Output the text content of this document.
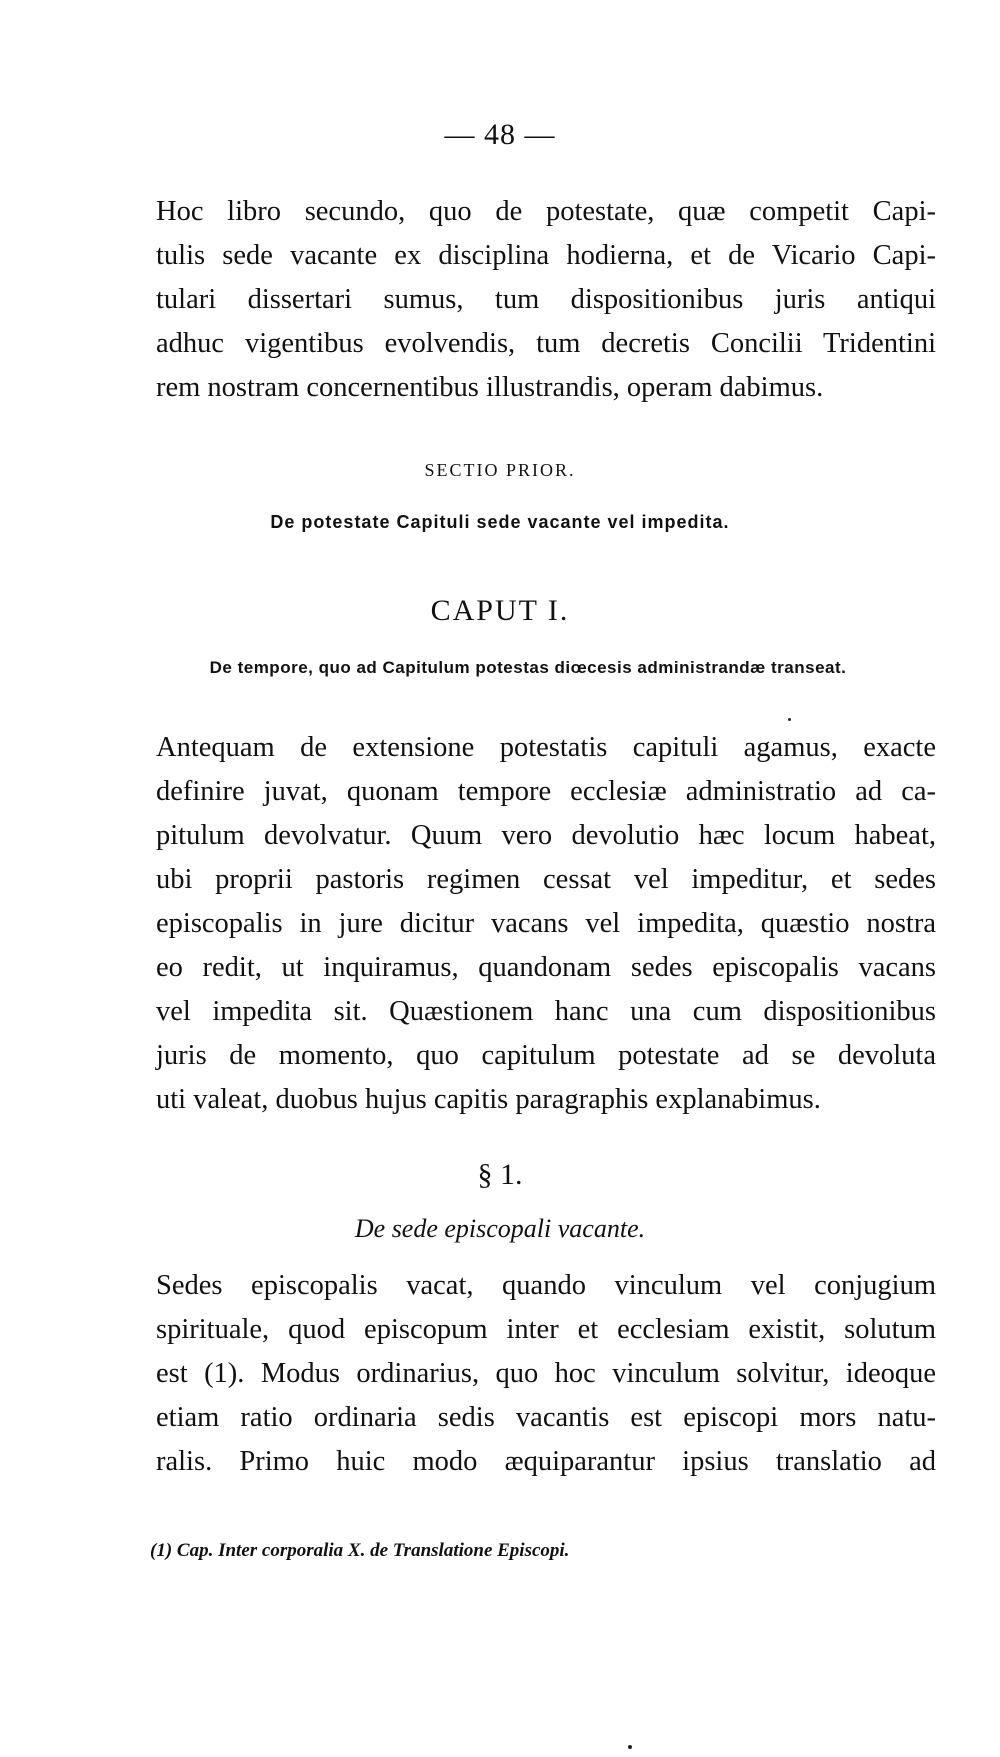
— 48 —

Hoc libro secundo, quo de potestate, quæ competit Capi-
tulis sede vacante ex disciplina hodierna, et de Vicario Capi-
tulari dissertari sumus, tum dispositionibus juris antiqui
adhuc vigentibus evolvendis, tum decretis Concilii Tridentini
rem nostram concernentibus illustrandis, operam dabimus.

SECTIO PRIOR.
De potestate Capituli sede vacante vel impedita.
CAPUT I.
De tempore, quo ad Capitulum potestas diœcesis administrandæ transeat.

Antequam de extensione potestatis capituli agamus, exacte
definire juvat, quonam tempore ecclesiæ administratio ad ca-
pitulum devolvatur. Quum vero devolutio hæc locum habeat,
ubi proprii pastoris regimen cessat vel impeditur, et sedes
episcopalis in jure dicitur vacans vel impedita, quæstio nostra
eo redit, ut inquiramus, quandonam sedes episcopalis vacans
vel impedita sit. Quæstionem hanc una cum dispositionibus
juris de momento, quo capitulum potestate ad se devoluta
uti valeat, duobus hujus capitis paragraphis explanabimus.

§ 1.
De sede episcopali vacante.

Sedes episcopalis vacat, quando vinculum vel conjugium
spirituale, quod episcopum inter et ecclesiam existit, solutum
est (1). Modus ordinarius, quo hoc vinculum solvitur, ideoque
etiam ratio ordinaria sedis vacantis est episcopi mors natu-
ralis. Primo huic modo æquiparantur ipsius translatio ad

(1) Cap. Inter corporalia X. de Translatione Episcopi.
